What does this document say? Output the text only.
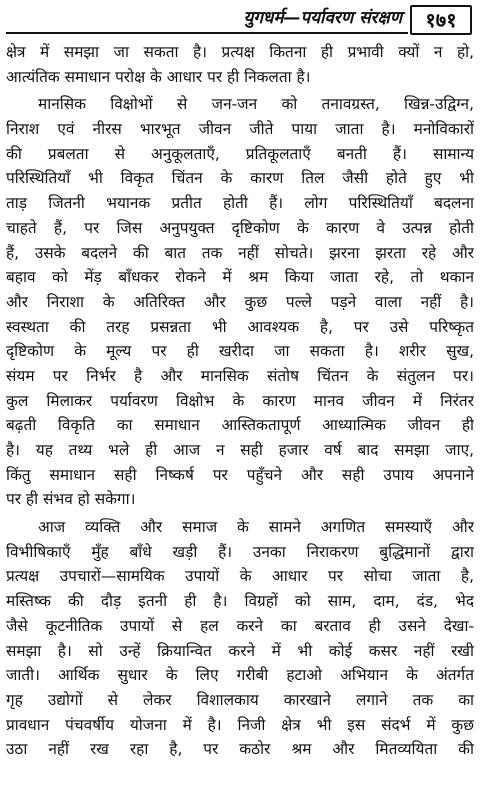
युगधर्म—पर्यावरण संरक्षण	१७१
क्षेत्र में समझा जा सकता है। प्रत्यक्ष कितना ही प्रभावी क्यों न हो,
आत्यंतिक समाधान परोक्ष के आधार पर ही निकलता है।
मानसिक विक्षोभों से जन-जन को तनावग्रस्त, खिन्न-उद्विग्न,
निराश एवं नीरस भारभूत जीवन जीते पाया जाता है। मनोविकारों
की प्रबलता से अनुकूलताएँ, प्रतिकूलताएँ बनती हैं। सामान्य
परिस्थितियाँ भी विकृत चिंतन के कारण तिल जैसी होते हुए भी
ताड़ जितनी भयानक प्रतीत होती हैं। लोग परिस्थितियाँ बदलना
चाहते हैं, पर जिस अनुपयुक्त दृष्टिकोण के कारण वे उत्पन्न होती
हैं, उसके बदलने की बात तक नहीं सोचते। झरना झरता रहे और
बहाव को मेंड़ बाँधकर रोकने में श्रम किया जाता रहे, तो थकान
और निराशा के अतिरिक्त और कुछ पल्ले पड़ने वाला नहीं है।
स्वस्थता की तरह प्रसन्नता भी आवश्यक है, पर उसे परिष्कृत
दृष्टिकोण के मूल्य पर ही खरीदा जा सकता है। शरीर सुख,
संयम पर निर्भर है और मानसिक संतोष चिंतन के संतुलन पर।
कुल मिलाकर पर्यावरण विक्षोभ के कारण मानव जीवन में निरंतर
बढ़ती विकृति का समाधान आस्तिकतापूर्ण आध्यात्मिक जीवन ही
है। यह तथ्य भले ही आज न सही हजार वर्ष बाद समझा जाए,
किंतु समाधान सही निष्कर्ष पर पहुँचने और सही उपाय अपनाने
पर ही संभव हो सकेगा।
आज व्यक्ति और समाज के सामने अगणित समस्याएँ और
विभीषिकाएँ मुँह बाँधे खड़ी हैं। उनका निराकरण बुद्धिमानों द्वारा
प्रत्यक्ष उपचारों—सामयिक उपायों के आधार पर सोचा जाता है,
मस्तिष्क की दौड़ इतनी ही है। विग्रहों को साम, दाम, दंड, भेद
जैसे कूटनीतिक उपायों से हल करने का बरताव ही उसने देखा-
समझा है। सो उन्हें क्रियान्वित करने में भी कोई कसर नहीं रखी
जाती। आर्थिक सुधार के लिए गरीबी हटाओ अभियान के अंतर्गत
गृह उद्योगों से लेकर विशालकाय कारखाने लगाने तक का
प्रावधान पंचवर्षीय योजना में है। निजी क्षेत्र भी इस संदर्भ में कुछ
उठा नहीं रख रहा है, पर कठोर श्रम और मितव्ययिता की
